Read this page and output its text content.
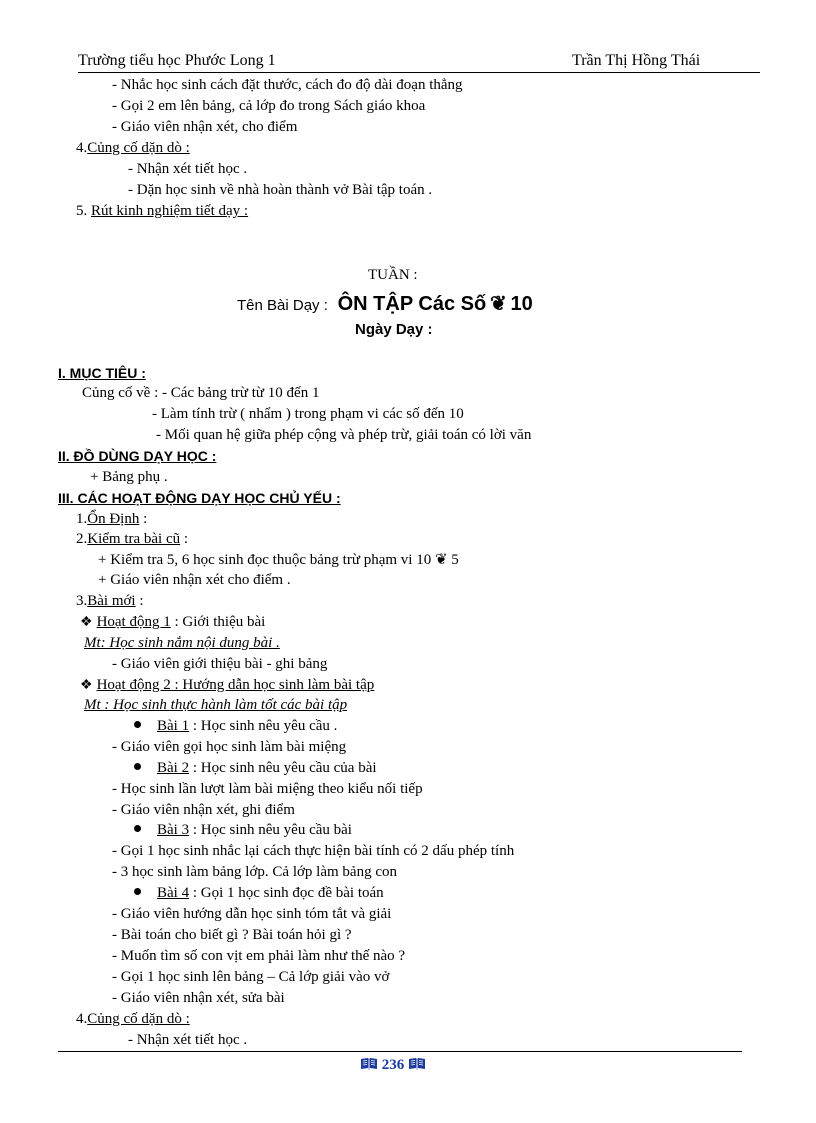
Trường tiểu học Phước Long 1	Trần Thị Hồng Thái
- Nhắc học sinh cách đặt thước, cách đo độ dài đoạn thẳng
- Gọi 2 em lên bảng, cả lớp đo trong Sách giáo khoa
- Giáo viên nhận xét, cho điểm
4.Củng cố dặn dò :
- Nhận xét tiết học .
- Dặn học sinh về nhà hoàn thành vở Bài tập toán .
5. Rút kinh nghiệm tiết dạy :
TUẦN :
Tên Bài Dạy : ÔN TẬP Các Số ❦ 10
Ngày Dạy :
I. MỤC TIÊU :
Củng cố về : - Các bảng trừ từ 10 đến 1
- Làm tính trừ ( nhẩm ) trong phạm vi các số đến 10
- Mối quan hệ giữa phép cộng và phép trừ, giải toán có lời văn
II. ĐỒ DÙNG DẠY HỌC :
+ Bảng phụ .
III. CÁC HOẠT ĐỘNG DẠY HỌC CHỦ YẾU :
1.Ổn Định :
2.Kiểm tra bài cũ :
+ Kiểm tra 5, 6 học sinh đọc thuộc bảng trừ phạm vi 10 ❦ 5
+ Giáo viên nhận xét cho điểm .
3.Bài mới :
❖ Hoạt động 1 : Giới thiệu bài
Mt: Học sinh nắm nội dung bài .
- Giáo viên giới thiệu bài - ghi bảng
❖ Hoạt động 2 : Hướng dẫn học sinh làm bài tập
Mt : Học sinh thực hành làm tốt các bài tập
Bài 1 : Học sinh nêu yêu cầu .
- Giáo viên gọi học sinh làm bài miệng
Bài 2 : Học sinh nêu yêu cầu của bài
- Học sinh lần lượt làm bài miệng theo kiểu nối tiếp
- Giáo viên nhận xét, ghi điểm
Bài 3 : Học sinh nêu yêu cầu bài
- Gọi 1 học sinh nhắc lại cách thực hiện bài tính có 2 dấu phép tính
- 3 học sinh làm bảng lớp. Cả lớp làm bảng con
Bài 4 : Gọi 1 học sinh đọc đề bài toán
- Giáo viên hướng dẫn học sinh tóm tắt và giải
- Bài toán cho biết gì ? Bài toán hỏi gì ?
- Muốn tìm số con vịt em phải làm như thế nào ?
- Gọi 1 học sinh lên bảng – Cả lớp giải vào vở
- Giáo viên nhận xét, sửa bài
4.Củng cố dặn dò :
- Nhận xét tiết học .
236
